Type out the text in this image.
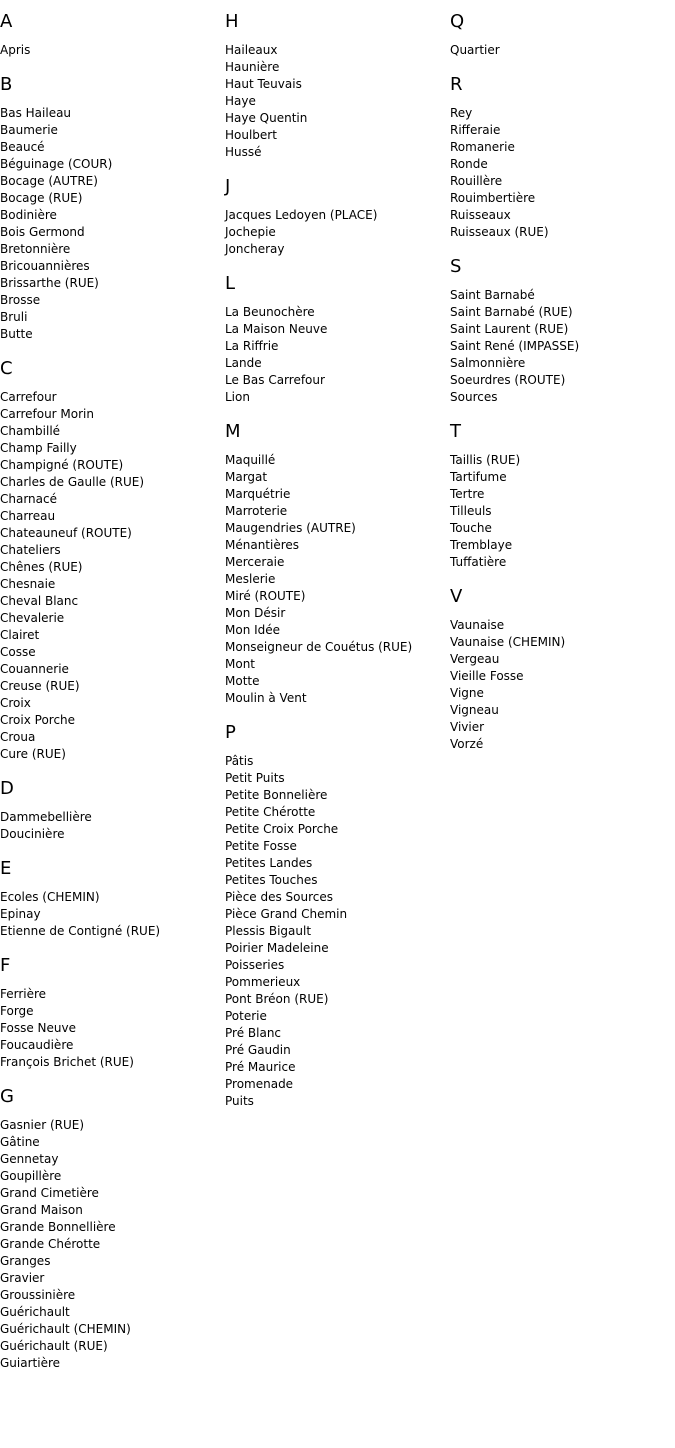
A
Apris
B
Bas Haileau
Baumerie
Beaucé
Béguinage (COUR)
Bocage (AUTRE)
Bocage (RUE)
Bodinière
Bois Germond
Bretonnière
Bricouannières
Brissarthe (RUE)
Brosse
Bruli
Butte
C
Carrefour
Carrefour Morin
Chambillé
Champ Failly
Champigné (ROUTE)
Charles de Gaulle (RUE)
Charnacé
Charreau
Chateauneuf (ROUTE)
Chateliers
Chênes (RUE)
Chesnaie
Cheval Blanc
Chevalerie
Clairet
Cosse
Couannerie
Creuse (RUE)
Croix
Croix Porche
Croua
Cure (RUE)
D
Dammebellière
Doucinière
E
Ecoles (CHEMIN)
Epinay
Etienne de Contigné (RUE)
F
Ferrière
Forge
Fosse Neuve
Foucaudière
François Brichet (RUE)
G
Gasnier (RUE)
Gâtine
Gennetay
Goupillère
Grand Cimetière
Grand Maison
Grande Bonnellière
Grande Chérotte
Granges
Gravier
Groussinière
Guérichault
Guérichault (CHEMIN)
Guérichault (RUE)
Guiartière
H
Haileaux
Haunière
Haut Teuvais
Haye
Haye Quentin
Houlbert
Hussé
J
Jacques Ledoyen (PLACE)
Jochepie
Joncheray
L
La Beunochère
La Maison Neuve
La Riffrie
Lande
Le Bas Carrefour
Lion
M
Maquillé
Margat
Marquétrie
Marroterie
Maugendries (AUTRE)
Ménantières
Merceraie
Meslerie
Miré (ROUTE)
Mon Désir
Mon Idée
Monseigneur de Couétus (RUE)
Mont
Motte
Moulin à Vent
P
Pâtis
Petit Puits
Petite Bonnelière
Petite Chérotte
Petite Croix Porche
Petite Fosse
Petites Landes
Petites Touches
Pièce des Sources
Pièce Grand Chemin
Plessis Bigault
Poirier Madeleine
Poisseries
Pommerieux
Pont Bréon (RUE)
Poterie
Pré Blanc
Pré Gaudin
Pré Maurice
Promenade
Puits
Q
Quartier
R
Rey
Rifferaie
Romanerie
Ronde
Rouillère
Rouimbertière
Ruisseaux
Ruisseaux (RUE)
S
Saint Barnabé
Saint Barnabé (RUE)
Saint Laurent (RUE)
Saint René (IMPASSE)
Salmonnière
Soeurdres (ROUTE)
Sources
T
Taillis (RUE)
Tartifume
Tertre
Tilleuls
Touche
Tremblaye
Tuffatière
V
Vaunaise
Vaunaise (CHEMIN)
Vergeau
Vieille Fosse
Vigne
Vigneau
Vivier
Vorzé
